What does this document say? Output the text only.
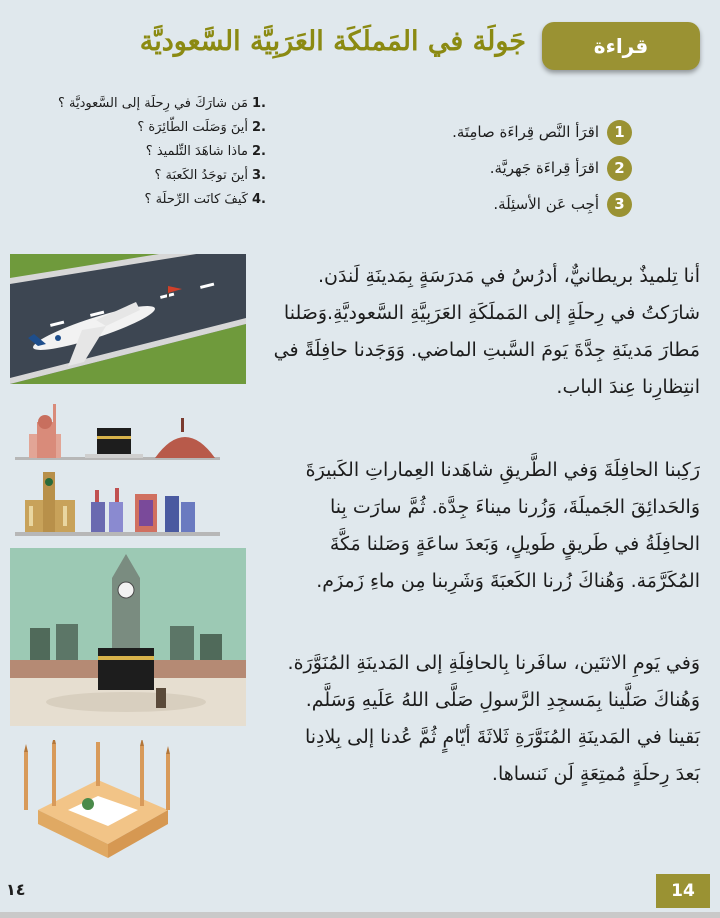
قراءة
جَولَة في المَملَكَة العَرَبِيَّة السَّعوديَّة
.1مَن شارَكَ في رِحلَة إلى السَّعوديَّة ؟
.2أينَ وَصَلَت الطّائِرَة ؟
.2ماذا شاهَدَ التِّلميذ ؟
.3أينَ توجَدُ الكَعبَة ؟
.4كَيفَ كانَت الرِّحلَة ؟
1
اقرَأ النَّص قِراءَة صامِتَة.
2
اقرَأ قِراءَة جَهريَّة.
3
أجِب عَن الأسئِلَة.
أنا تِلميذٌ بريطانيٌّ، أدرُسُ في مَدرَسَةٍ بِمَدينَةِ لَندَن.
شارَكتُ في رِحلَةٍ إلى المَملَكَةِ العَرَبِيَّةِ السَّعوديَّةِ.وَصَلنا
مَطارَ مَدينَةِ جِدَّةَ يَومَ السَّبتِ الماضي. وَوَجَدنا حافِلَةً في
انتِظارِنا عِندَ الباب.
رَكِبنا الحافِلَةَ وَفي الطَّريقِ شاهَدنا العِماراتِ الكَبيرَةَ
وَالحَدائِقَ الجَميلَةَ، وَزُرنا ميناءَ جِدَّة. ثُمَّ سارَت بِنا
الحافِلَةُ في طَريقٍ طَويلٍ، وَبَعدَ ساعَةٍ وَصَلنا مَكَّةَ
المُكَرَّمَة. وَهُناكَ زُرنا الكَعبَةَ وَشَرِبنا مِن ماءِ زَمزَم.
وَفي يَومِ الاثنَين، سافَرنا بِالحافِلَةِ إلى المَدينَةِ المُنَوَّرَة.
وَهُناكَ صَلَّينا بِمَسجِدِ الرَّسولِ صَلَّى اللهُ عَلَيهِ وَسَلَّم.
بَقينا في المَدينَةِ المُنَوَّرَةِ ثَلاثَةَ أيّامٍ ثُمَّ عُدنا إلى بِلادِنا
بَعدَ رِحلَةٍ مُمتِعَةٍ لَن نَنساها.
14
١٤
